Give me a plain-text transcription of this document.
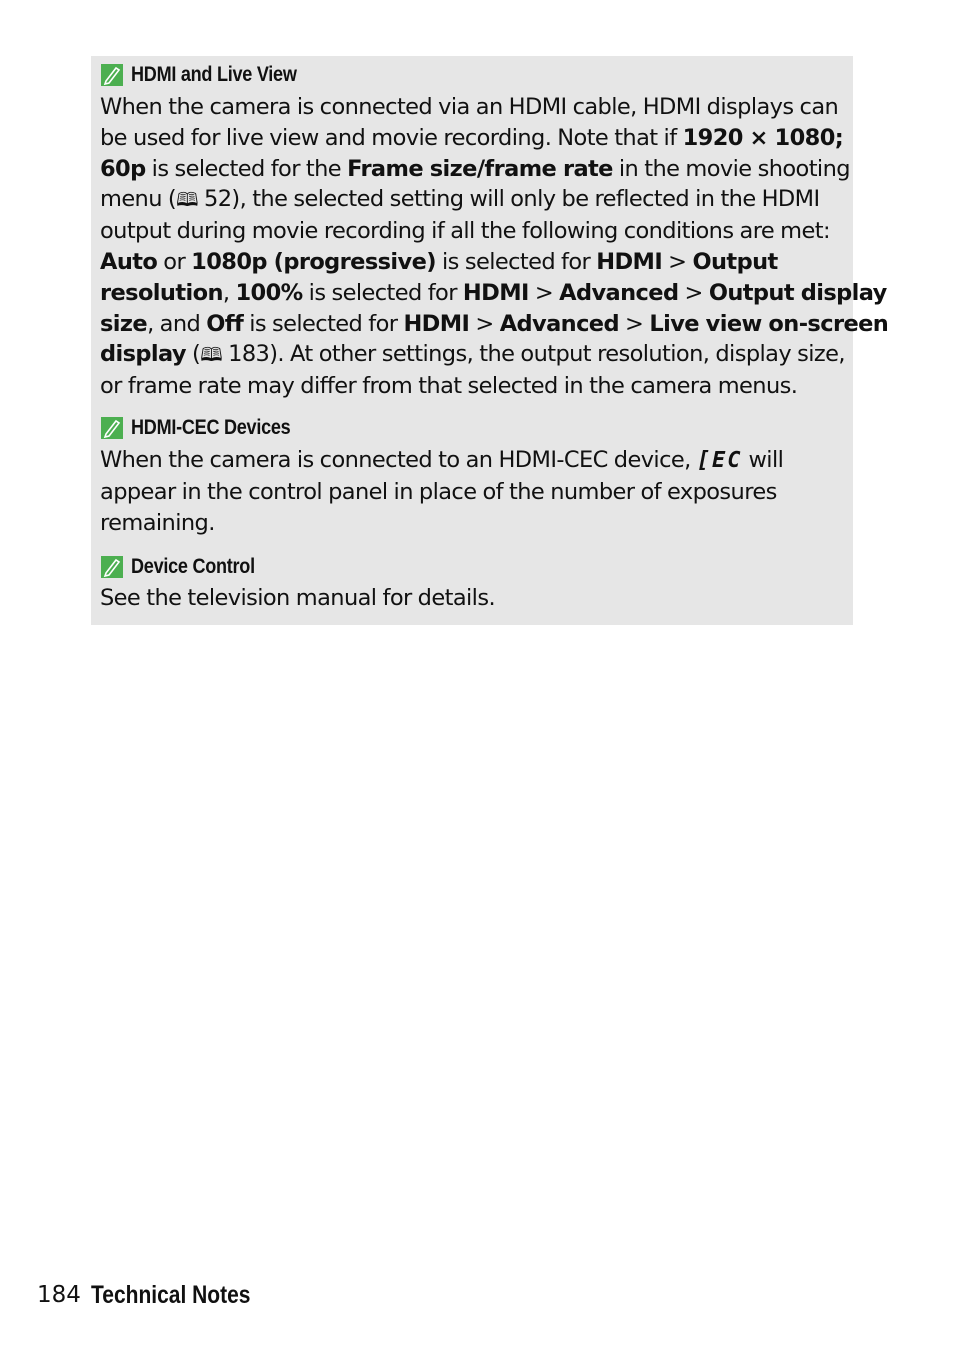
HDMI and Live View
When the camera is connected via an HDMI cable, HDMI displays can
be used for live view and movie recording. Note that if 1920 × 1080;
60p is selected for the Frame size/frame rate in the movie shooting
menu (🕮 52), the selected setting will only be reflected in the HDMI
output during movie recording if all the following conditions are met:
Auto or 1080p (progressive) is selected for HDMI > Output
resolution, 100% is selected for HDMI > Advanced > Output display
size, and Off is selected for HDMI > Advanced > Live view on-screen
display (🕮 183). At other settings, the output resolution, display size,
or frame rate may differ from that selected in the camera menus.
HDMI-CEC Devices
When the camera is connected to an HDMI-CEC device, [EC will
appear in the control panel in place of the number of exposures
remaining.
Device Control
See the television manual for details.
184 Technical Notes
